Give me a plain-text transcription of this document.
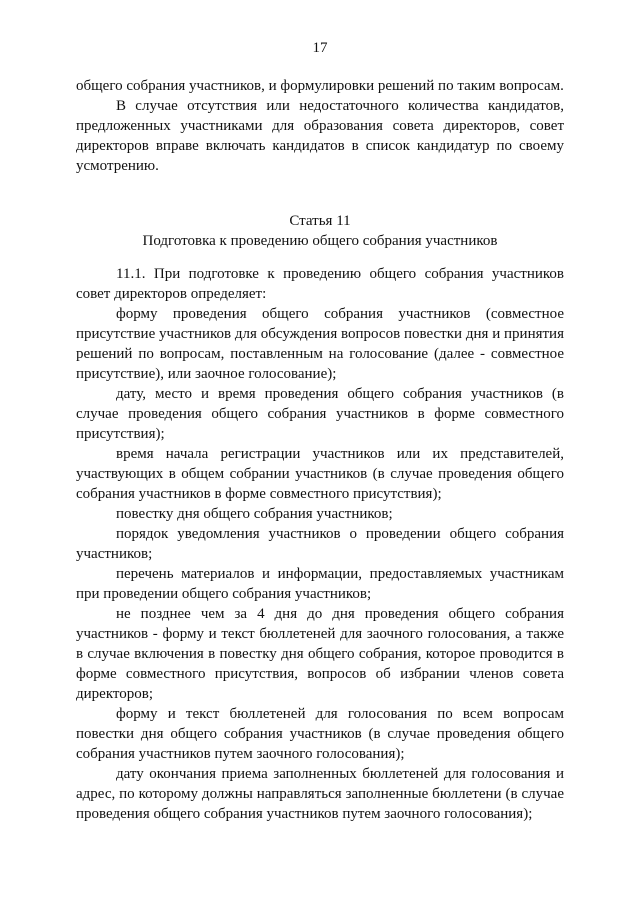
17

общего собрания участников, и формулировки решений по таким вопросам.

В случае отсутствия или недостаточного количества кандидатов, предложенных участниками для образования совета директоров, совет директоров вправе включать кандидатов в список кандидатур по своему усмотрению.

Статья 11
Подготовка к проведению общего собрания участников

11.1. При подготовке к проведению общего собрания участников совет директоров определяет:

форму проведения общего собрания участников (совместное присутствие участников для обсуждения вопросов повестки дня и принятия решений по вопросам, поставленным на голосование (далее - совместное присутствие), или заочное голосование);

дату, место и время проведения общего собрания участников (в случае проведения общего собрания участников в форме совместного присутствия);

время начала регистрации участников или их представителей, участвующих в общем собрании участников (в случае проведения общего собрания участников в форме совместного присутствия);

повестку дня общего собрания участников;

порядок уведомления участников о проведении общего собрания участников;

перечень материалов и информации, предоставляемых участникам при проведении общего собрания участников;

не позднее чем за 4 дня до дня проведения общего собрания участников - форму и текст бюллетеней для заочного голосования, а также в случае включения в повестку дня общего собрания, которое проводится в форме совместного присутствия, вопросов об избрании членов совета директоров;

форму и текст бюллетеней для голосования по всем вопросам повестки дня общего собрания участников (в случае проведения общего собрания участников путем заочного голосования);

дату окончания приема заполненных бюллетеней для голосования и адрес, по которому должны направляться заполненные бюллетени (в случае проведения общего собрания участников путем заочного голосования);
